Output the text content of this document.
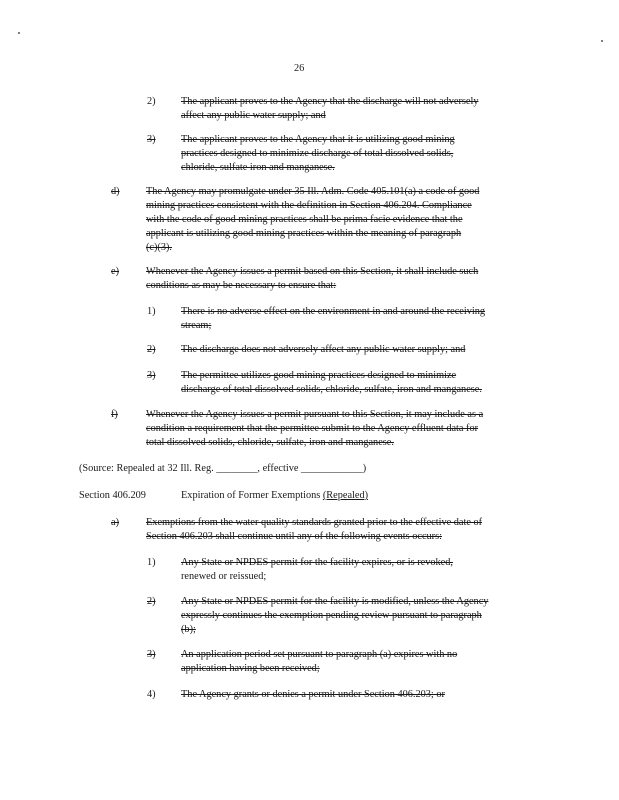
26
2) The applicant proves to the Agency that the discharge will not adversely
affect any public water supply; and
3) The applicant proves to the Agency that it is utilizing good mining
practices designed to minimize discharge of total dissolved solids,
chloride, sulfate iron and manganese.
d)	The Agency may promulgate under 35 Ill. Adm. Code 405.101(a) a code of good
mining practices consistent with the definition in Section 406.204. Compliance
with the code of good mining practices shall be prima facie evidence that the
applicant is utilizing good mining practices within the meaning of paragraph
(c)(3).
e)	Whenever the Agency issues a permit based on this Section, it shall include such
conditions as may be necessary to ensure that:
1) There is no adverse effect on the environment in and around the receiving
stream;
2) The discharge does not adversely affect any public water supply; and
3) The permittee utilizes good mining practices designed to minimize
discharge of total dissolved solids, chloride, sulfate, iron and manganese.
f)	Whenever the Agency issues a permit pursuant to this Section, it may include as a
condition a requirement that the permittee submit to the Agency effluent data for
total dissolved solids, chloride, sulfate, iron and manganese.
(Source: Repealed at 32 Ill. Reg. ________, effective ____________)
Section 406.209	Expiration of Former Exemptions (Repealed)
a)	Exemptions from the water quality standards granted prior to the effective date of
Section 406.203 shall continue until any of the following events occurs:
1) Any State or NPDES permit for the facility expires, or is revoked,
renewed or reissued;
2) Any State or NPDES permit for the facility is modified, unless the Agency
expressly continues the exemption pending review pursuant to paragraph
(b);
3) An application period set pursuant to paragraph (a) expires with no
application having been received;
4) The Agency grants or denies a permit under Section 406.203; or
